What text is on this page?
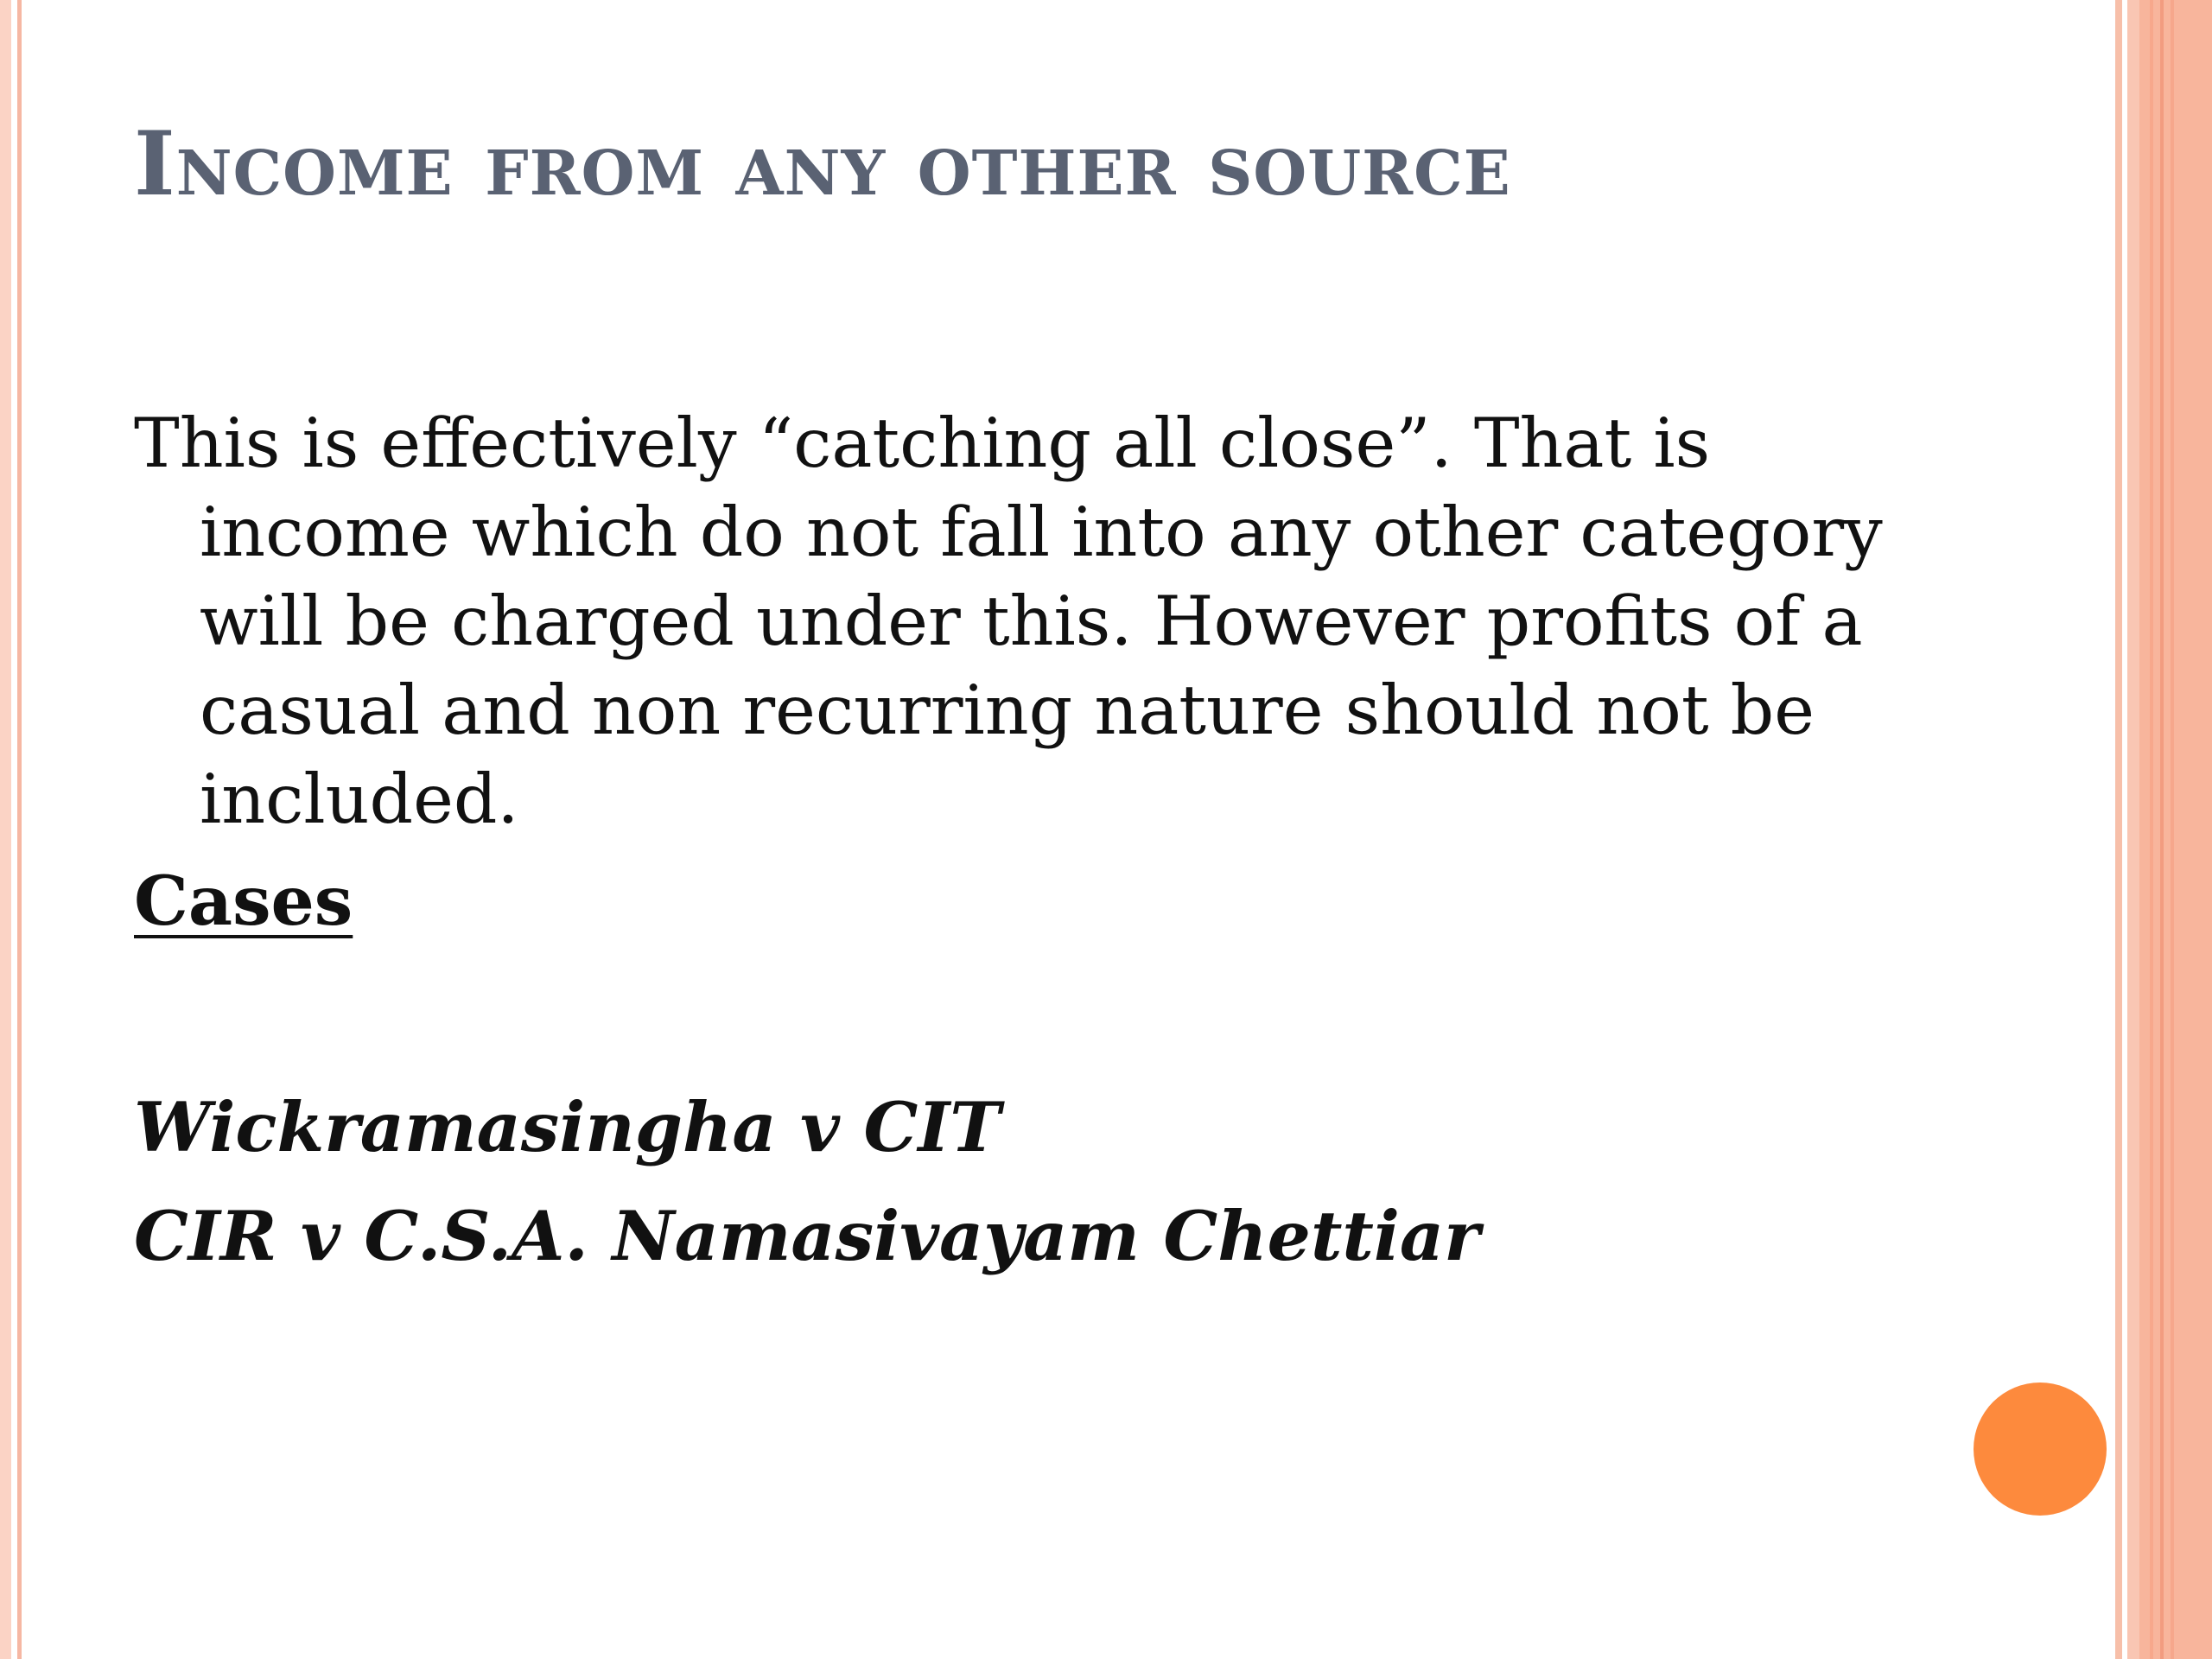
Income from any other source

This is effectively “catching all close”. That is income which do not fall into any other category will be charged under this. However profits of a casual and non recurring nature should not be included.

Cases
Wickramasingha v CIT
CIR v C.S.A. Namasivayam Chettiar
